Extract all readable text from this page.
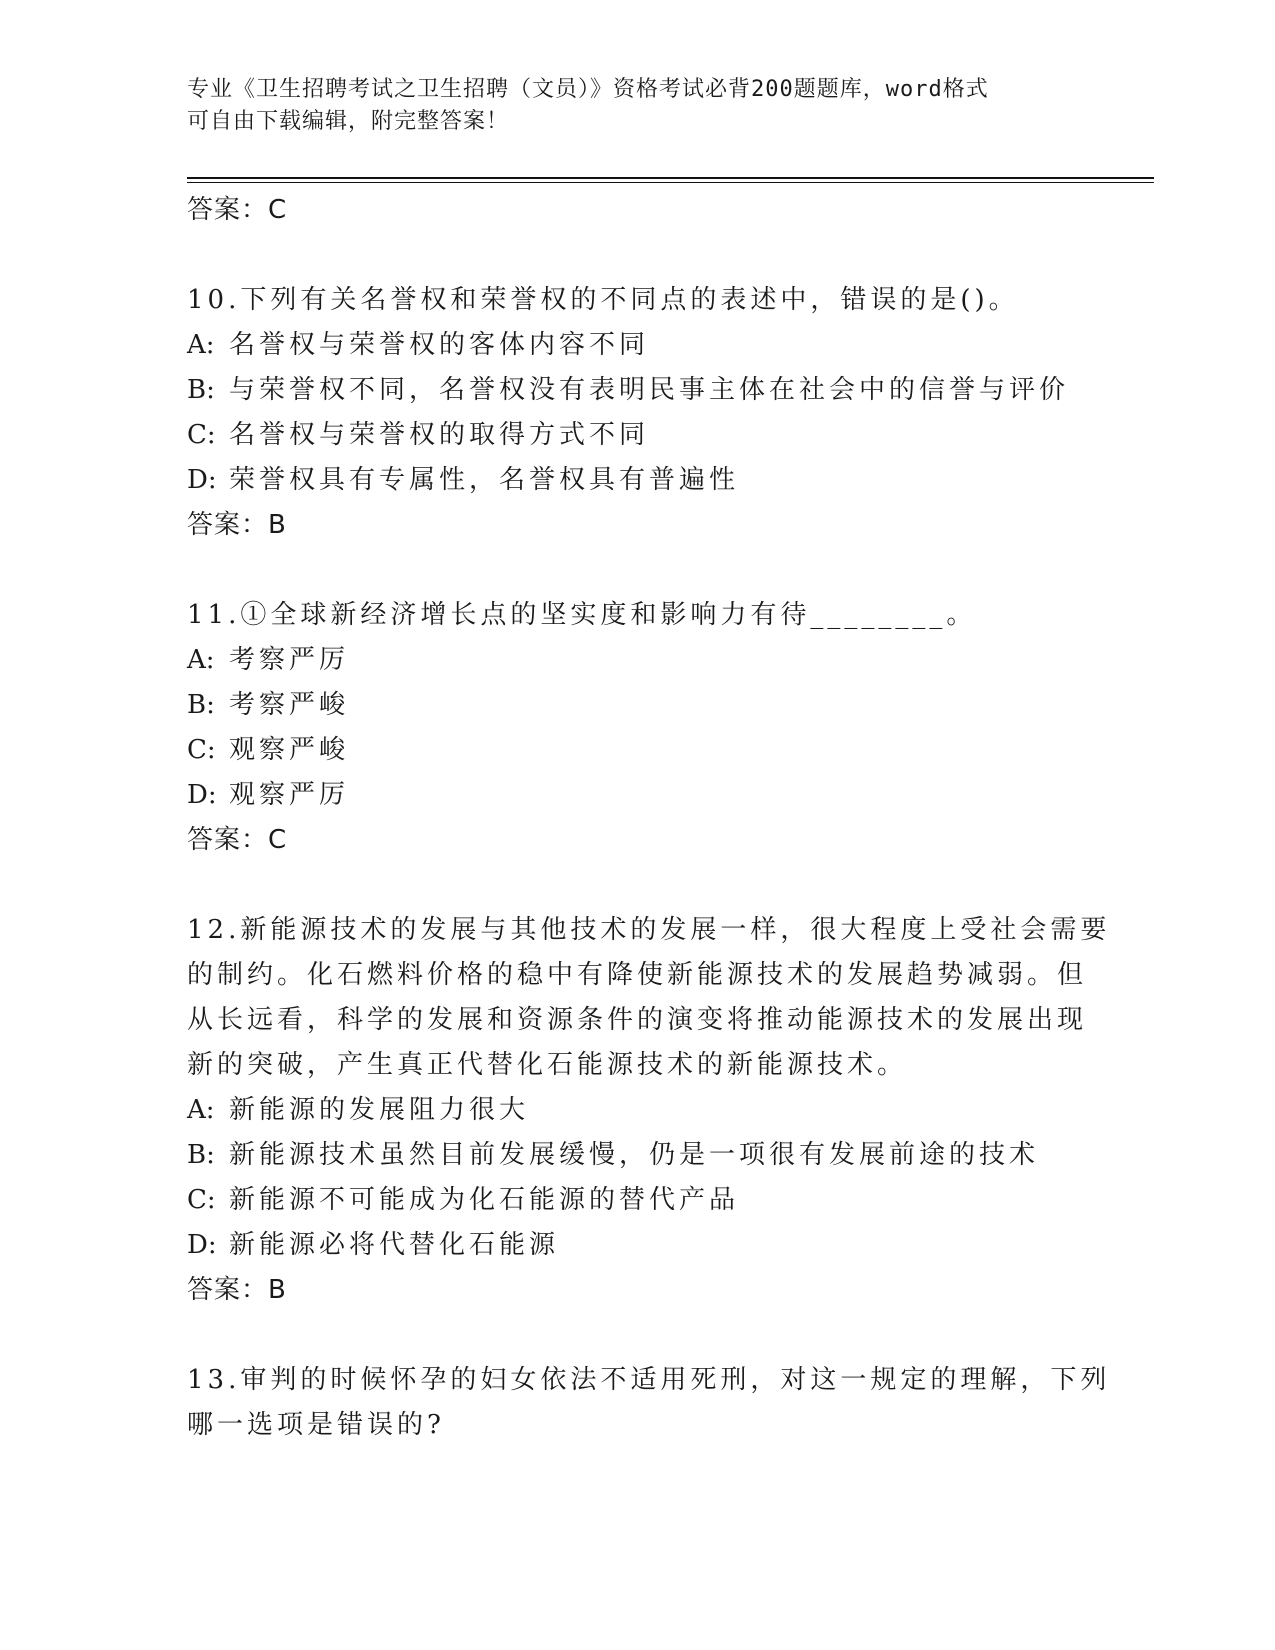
专业《卫生招聘考试之卫生招聘（文员）》资格考试必背200题题库，word格式
可自由下载编辑，附完整答案！
答案：C
10.下列有关名誉权和荣誉权的不同点的表述中，错误的是()。
A: 名誉权与荣誉权的客体内容不同
B: 与荣誉权不同，名誉权没有表明民事主体在社会中的信誉与评价
C: 名誉权与荣誉权的取得方式不同
D: 荣誉权具有专属性，名誉权具有普遍性
答案：B
11.①全球新经济增长点的坚实度和影响力有待________。
A: 考察严厉
B: 考察严峻
C: 观察严峻
D: 观察严厉
答案：C
12.新能源技术的发展与其他技术的发展一样，很大程度上受社会需要
的制约。化石燃料价格的稳中有降使新能源技术的发展趋势减弱。但
从长远看，科学的发展和资源条件的演变将推动能源技术的发展出现
新的突破，产生真正代替化石能源技术的新能源技术。
A: 新能源的发展阻力很大
B: 新能源技术虽然目前发展缓慢，仍是一项很有发展前途的技术
C: 新能源不可能成为化石能源的替代产品
D: 新能源必将代替化石能源
答案：B
13.审判的时候怀孕的妇女依法不适用死刑，对这一规定的理解，下列
哪一选项是错误的?
